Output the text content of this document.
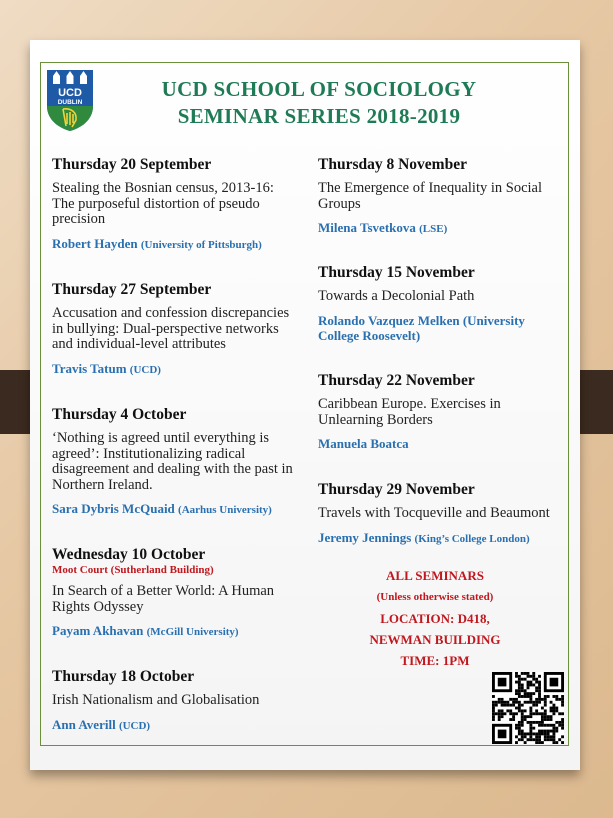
UCD
DUBLIN
UCD SCHOOL OF SOCIOLOGY
SEMINAR SERIES 2018-2019
Thursday 20 September
Stealing the Bosnian census, 2013-16:
The purposeful distortion of pseudo
precision
Robert Hayden (University of Pittsburgh)
Thursday 27 September
Accusation and confession discrepancies
in bullying: Dual-perspective networks
and individual-level attributes
Travis Tatum (UCD)
Thursday 4 October
‘Nothing is agreed until everything is
agreed’: Institutionalizing radical
disagreement and dealing with the past in
Northern Ireland.
Sara Dybris McQuaid (Aarhus University)
Wednesday 10 October
Moot Court (Sutherland Building)
In Search of a Better World: A Human
Rights Odyssey
Payam Akhavan (McGill University)
Thursday 18 October
Irish Nationalism and Globalisation
Ann Averill (UCD)
Thursday 8 November
The Emergence of Inequality in Social
Groups
Milena Tsvetkova (LSE)
Thursday 15 November
Towards a Decolonial Path
Rolando Vazquez Melken (University
College Roosevelt)
Thursday 22 November
Caribbean Europe. Exercises in
Unlearning Borders
Manuela Boatca
Thursday 29 November
Travels with Tocqueville and Beaumont
Jeremy Jennings (King’s College London)
ALL SEMINARS
(Unless otherwise stated)
LOCATION: D418,
NEWMAN BUILDING
TIME: 1PM
